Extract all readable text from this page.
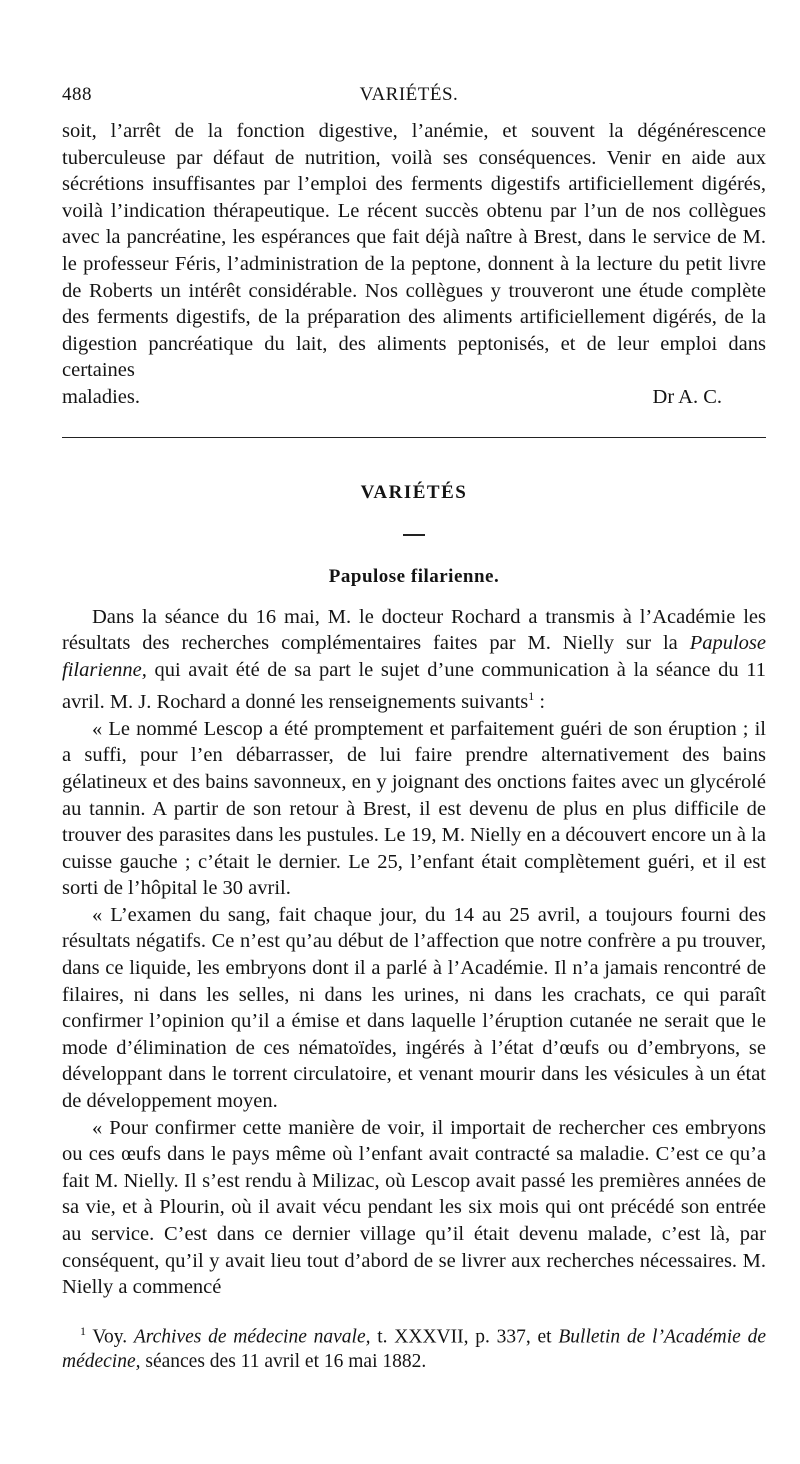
488	VARIÉTÉS.

soit, l’arrêt de la fonction digestive, l’anémie, et souvent la dégénérescence tuberculeuse par défaut de nutrition, voilà ses conséquences. Venir en aide aux sécrétions insuffisantes par l’emploi des ferments digestifs artificiellement digérés, voilà l’indication thérapeutique. Le récent succès obtenu par l’un de nos collègues avec la pancréatine, les espérances que fait déjà naître à Brest, dans le service de M. le professeur Féris, l’administration de la peptone, donnent à la lecture du petit livre de Roberts un intérêt considérable. Nos collègues y trouveront une étude complète des ferments digestifs, de la préparation des aliments artificiellement digérés, de la digestion pancréatique du lait, des aliments peptonisés, et de leur emploi dans certaines

maladies.	Dr A. C.
VARIÉTÉS
Papulose filarienne.

Dans la séance du 16 mai, M. le docteur Rochard a transmis à l’Académie les résultats des recherches complémentaires faites par M. Nielly sur la Papulose filarienne, qui avait été de sa part le sujet d’une communication à la séance du 11 avril. M. J. Rochard a donné les renseignements suivants$^1$ :

« Le nommé Lescop a été promptement et parfaitement guéri de son éruption ; il a suffi, pour l’en débarrasser, de lui faire prendre alternativement des bains gélatineux et des bains savonneux, en y joignant des onctions faites avec un glycérolé au tannin. A partir de son retour à Brest, il est devenu de plus en plus difficile de trouver des parasites dans les pustules. Le 19, M. Nielly en a découvert encore un à la cuisse gauche ; c’était le dernier. Le 25, l’enfant était complètement guéri, et il est sorti de l’hôpital le 30 avril.

« L’examen du sang, fait chaque jour, du 14 au 25 avril, a toujours fourni des résultats négatifs. Ce n’est qu’au début de l’affection que notre confrère a pu trouver, dans ce liquide, les embryons dont il a parlé à l’Académie. Il n’a jamais rencontré de filaires, ni dans les selles, ni dans les urines, ni dans les crachats, ce qui paraît confirmer l’opinion qu’il a émise et dans laquelle l’éruption cutanée ne serait que le mode d’élimination de ces nématoïdes, ingérés à l’état d’œufs ou d’embryons, se développant dans le torrent circulatoire, et venant mourir dans les vésicules à un état de développement moyen.

« Pour confirmer cette manière de voir, il importait de rechercher ces embryons ou ces œufs dans le pays même où l’enfant avait contracté sa maladie. C’est ce qu’a fait M. Nielly. Il s’est rendu à Milizac, où Lescop avait passé les premières années de sa vie, et à Plourin, où il avait vécu pendant les six mois qui ont précédé son entrée au service. C’est dans ce dernier village qu’il était devenu malade, c’est là, par conséquent, qu’il y avait lieu tout d’abord de se livrer aux recherches nécessaires. M. Nielly a commencé

$^1$ Voy. Archives de médecine navale, t. XXXVII, p. 337, et Bulletin de l’Académie de médecine, séances des 11 avril et 16 mai 1882.
